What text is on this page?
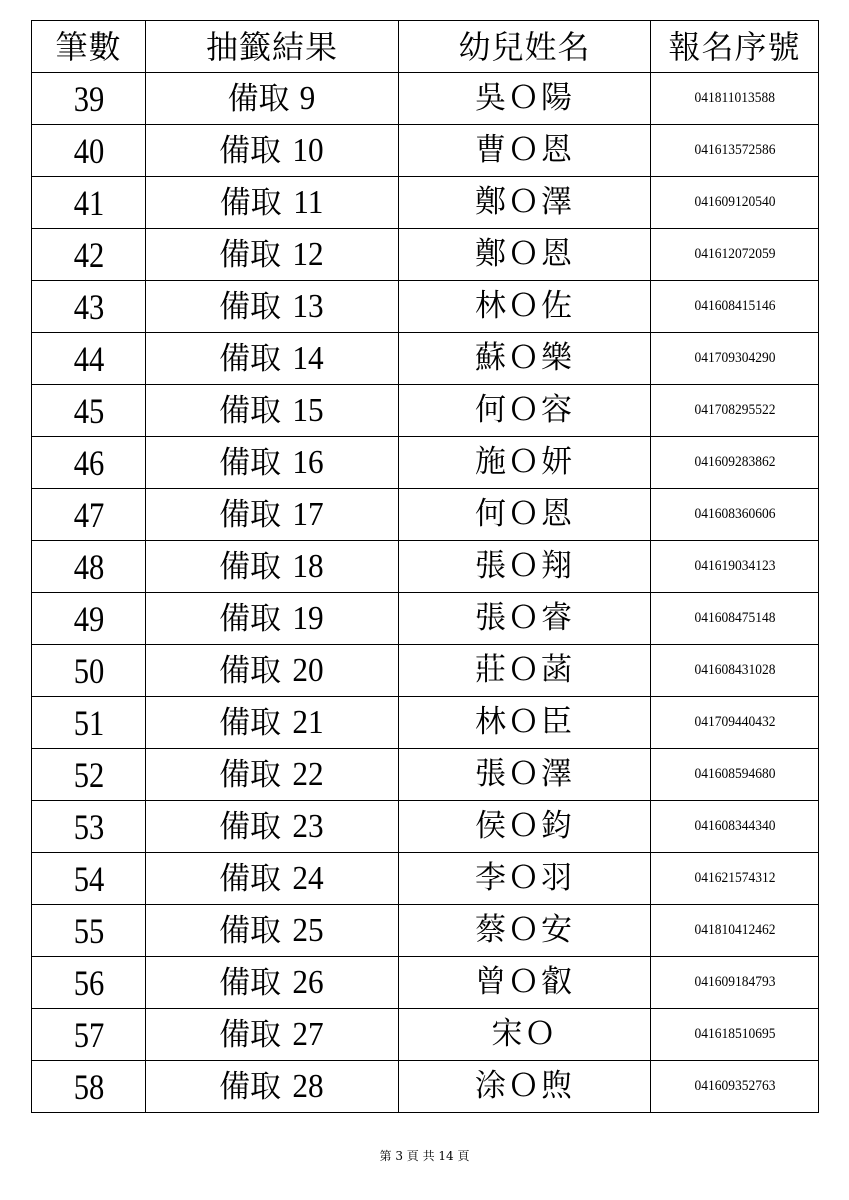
筆數	抽籤結果	幼兒姓名	報名序號
39	備取 9	吳Ｏ陽	041811013588
40	備取 10	曹Ｏ恩	041613572586
41	備取 11	鄭Ｏ澤	041609120540
42	備取 12	鄭Ｏ恩	041612072059
43	備取 13	林Ｏ佐	041608415146
44	備取 14	蘇Ｏ樂	041709304290
45	備取 15	何Ｏ容	041708295522
46	備取 16	施Ｏ妍	041609283862
47	備取 17	何Ｏ恩	041608360606
48	備取 18	張Ｏ翔	041619034123
49	備取 19	張Ｏ睿	041608475148
50	備取 20	莊Ｏ菡	041608431028
51	備取 21	林Ｏ臣	041709440432
52	備取 22	張Ｏ澤	041608594680
53	備取 23	侯Ｏ鈞	041608344340
54	備取 24	李Ｏ羽	041621574312
55	備取 25	蔡Ｏ安	041810412462
56	備取 26	曾Ｏ叡	041609184793
57	備取 27	宋Ｏ	041618510695
58	備取 28	涂Ｏ煦	041609352763
第 3 頁 共 14 頁
